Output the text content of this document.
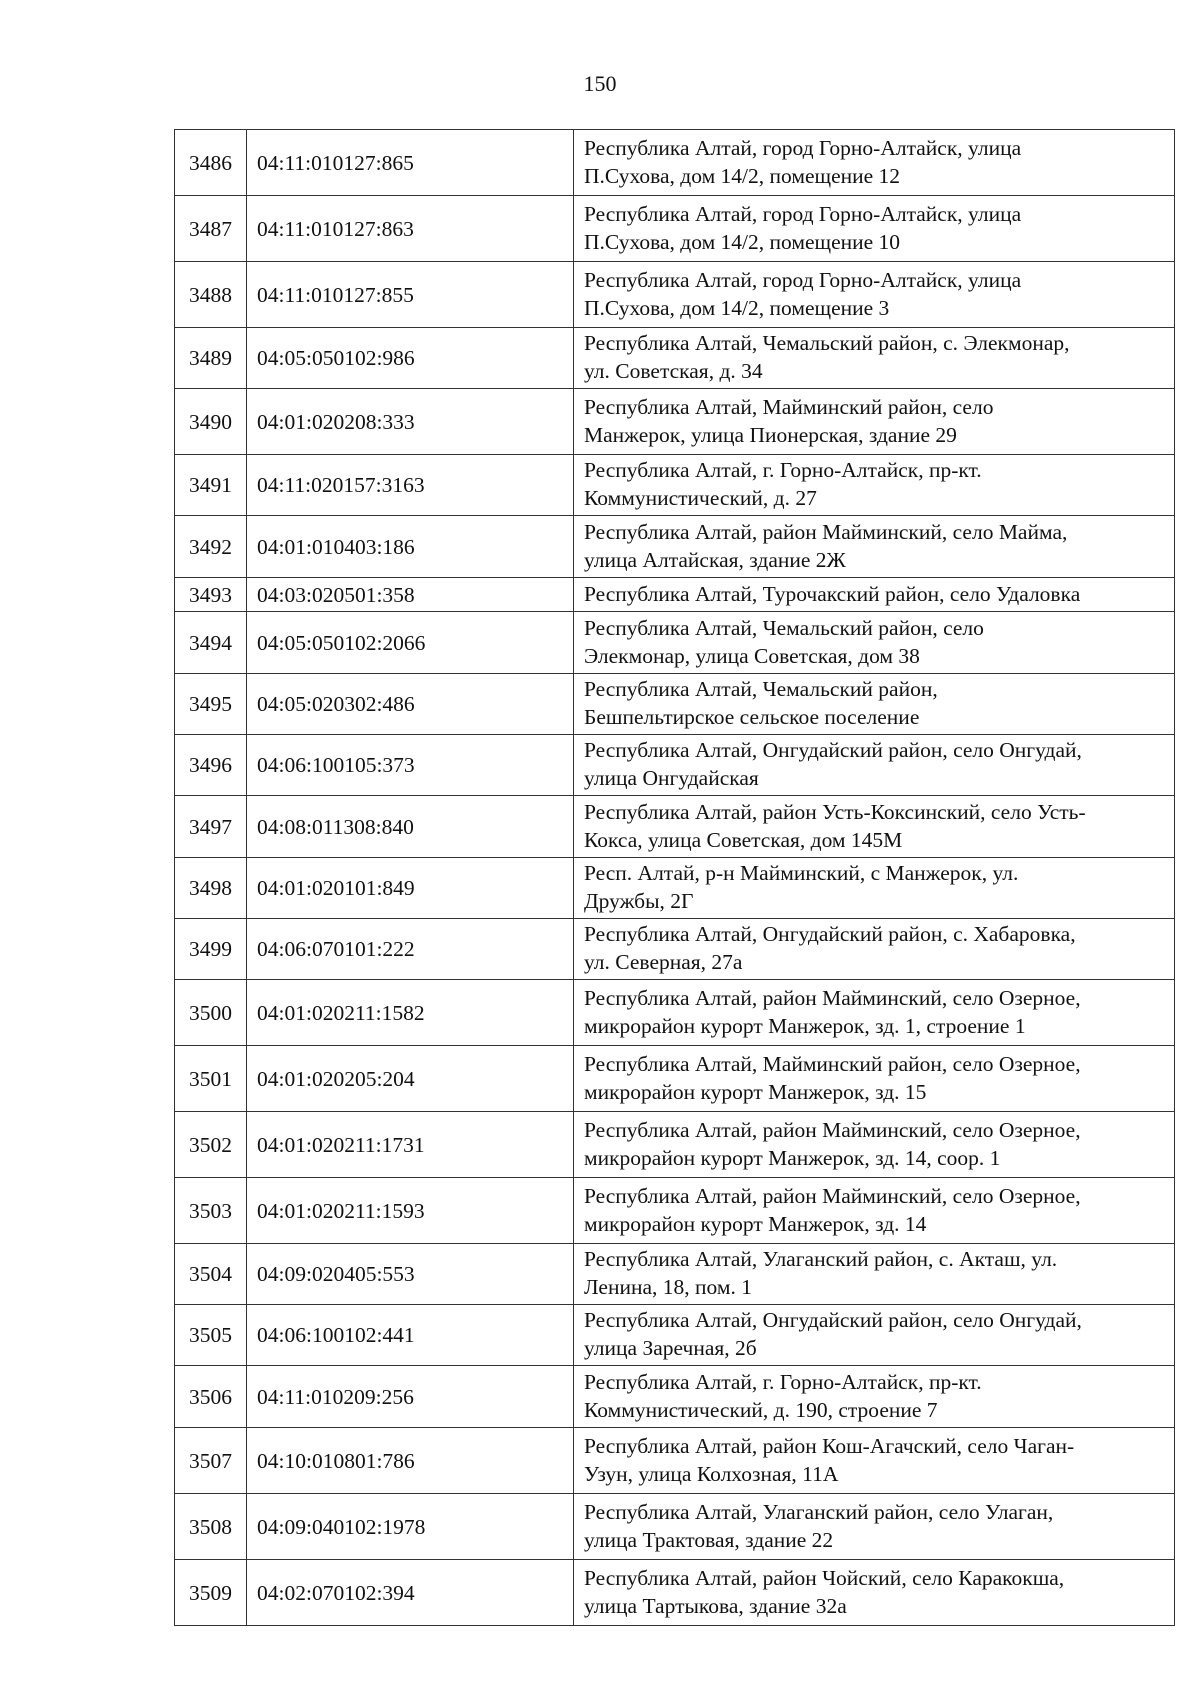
150
3486	04:11:010127:865	Республика Алтай, город Горно-Алтайск, улица
П.Сухова, дом 14/2, помещение 12

3487	04:11:010127:863	Республика Алтай, город Горно-Алтайск, улица
П.Сухова, дом 14/2, помещение 10

3488	04:11:010127:855	Республика Алтай, город Горно-Алтайск, улица
П.Сухова, дом 14/2, помещение 3

3489	04:05:050102:986	Республика Алтай, Чемальский район, с. Элекмонар,
ул. Советская, д. 34

3490	04:01:020208:333	Республика Алтай, Майминский район, село
Манжерок, улица Пионерская, здание 29

3491	04:11:020157:3163	Республика Алтай, г. Горно-Алтайск, пр-кт.
Коммунистический, д. 27

3492	04:01:010403:186	Республика Алтай, район Майминский, село Майма,
улица Алтайская, здание 2Ж

3493	04:03:020501:358	Республика Алтай, Турочакский район, село Удаловка

3494	04:05:050102:2066	Республика Алтай, Чемальский район, село
Элекмонар, улица Советская, дом 38

3495	04:05:020302:486	Республика Алтай, Чемальский район,
Бешпельтирское сельское поселение

3496	04:06:100105:373	Республика Алтай, Онгудайский район, село Онгудай,
улица Онгудайская

3497	04:08:011308:840	Республика Алтай, район Усть-Коксинский, село Усть-
Кокса, улица Советская, дом 145М

3498	04:01:020101:849	Респ. Алтай, р-н Майминский, с Манжерок, ул.
Дружбы, 2Г

3499	04:06:070101:222	Республика Алтай, Онгудайский район, с. Хабаровка,
ул. Северная, 27а

3500	04:01:020211:1582	Республика Алтай, район Майминский, село Озерное,
микрорайон курорт Манжерок, зд. 1, строение 1

3501	04:01:020205:204	Республика Алтай, Майминский район, село Озерное,
микрорайон курорт Манжерок, зд. 15

3502	04:01:020211:1731	Республика Алтай, район Майминский, село Озерное,
микрорайон курорт Манжерок, зд. 14, соор. 1

3503	04:01:020211:1593	Республика Алтай, район Майминский, село Озерное,
микрорайон курорт Манжерок, зд. 14

3504	04:09:020405:553	Республика Алтай, Улаганский район, с. Акташ, ул.
Ленина, 18, пом. 1

3505	04:06:100102:441	Республика Алтай, Онгудайский район, село Онгудай,
улица Заречная, 2б

3506	04:11:010209:256	Республика Алтай, г. Горно-Алтайск, пр-кт.
Коммунистический, д. 190, строение 7

3507	04:10:010801:786	Республика Алтай, район Кош-Агачский, село Чаган-
Узун, улица Колхозная, 11А

3508	04:09:040102:1978	Республика Алтай, Улаганский район, село Улаган,
улица Трактовая, здание 22

3509	04:02:070102:394	Республика Алтай, район Чойский, село Каракокша,
улица Тартыкова, здание 32а
